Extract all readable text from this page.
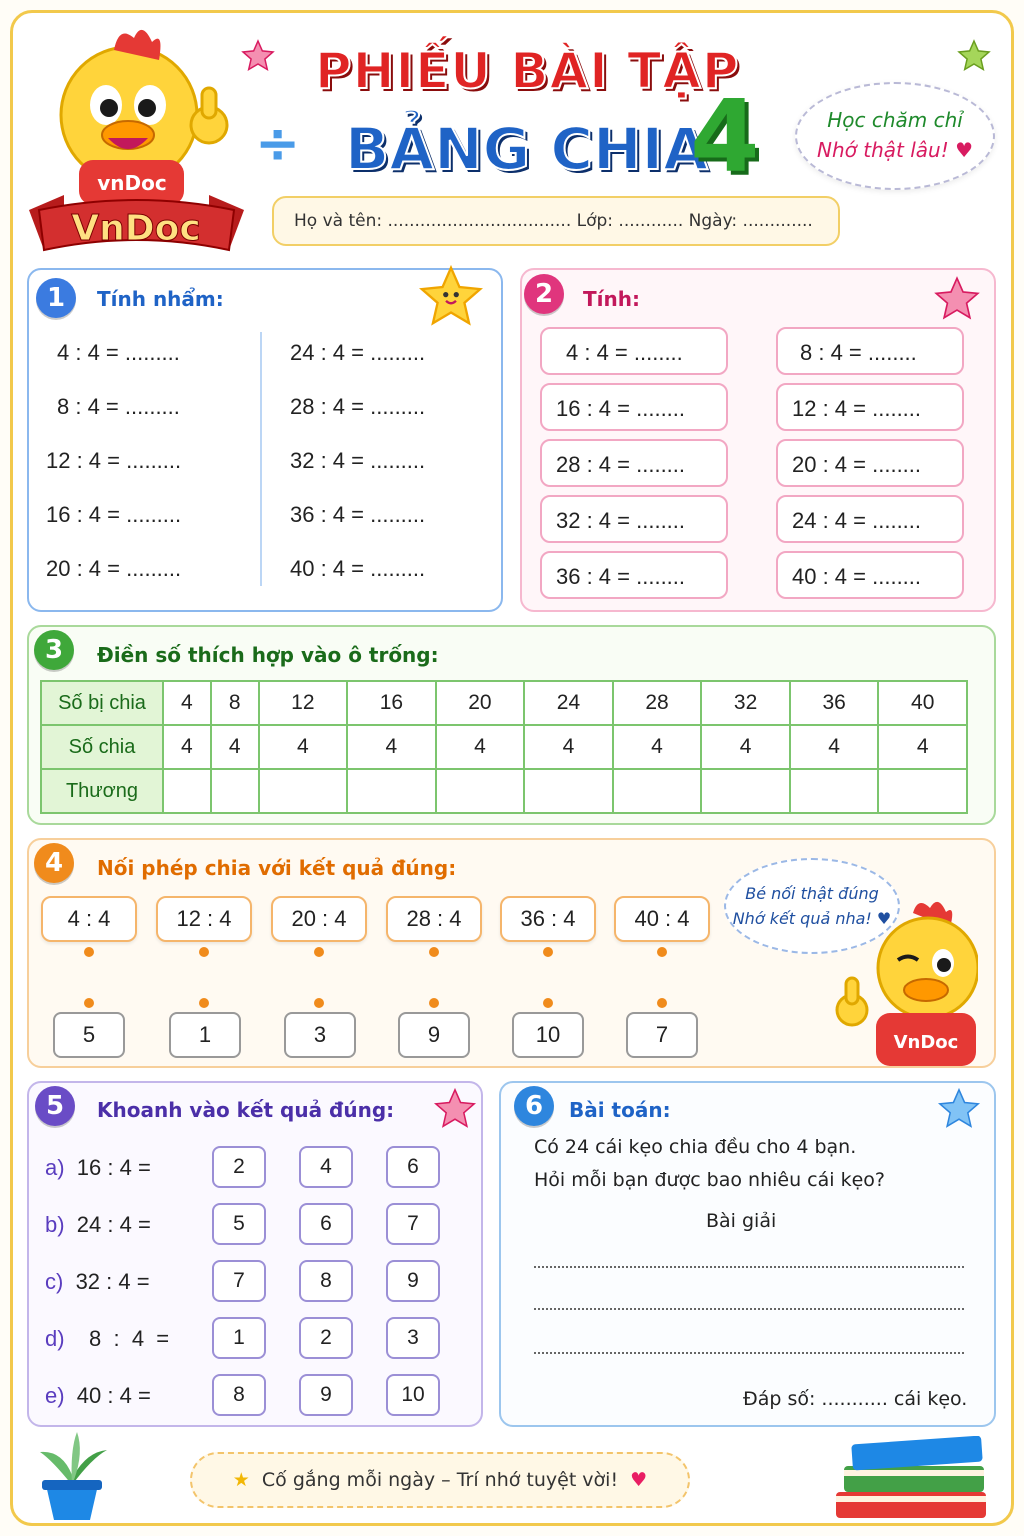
vnDoc
VnDoc
÷
PHIẾU BÀI TẬP
BẢNG CHIA
4	Học chăm chỉ
Nhớ thật lâu! ♥
Họ và tên: .................................. Lớp: ............ Ngày: .............
1	Tính nhẩm:
4 : 4 = .........
8 : 4 = .........
12 : 4 = .........
16 : 4 = .........
20 : 4 = .........
24 : 4 = .........
28 : 4 = .........
32 : 4 = .........
36 : 4 = .........
40 : 4 = .........
2	Tính:
4 : 4 = ........
16 : 4 = ........
28 : 4 = ........
32 : 4 = ........
36 : 4 = ........
8 : 4 = ........
12 : 4 = ........
20 : 4 = ........
24 : 4 = ........
40 : 4 = ........
3	Điền số thích hợp vào ô trống:
Số bị chia	4	8	12	16	20	24	28	32	36	40
Số chia	4	4	4	4	4	4	4	4	4	4
Thương										
4	Nối phép chia với kết quả đúng:
4 : 4	12 : 4	20 : 4	28 : 4	36 : 4	40 : 4
5	1	3	9	10	7
Bé nối thật đúng
Nhớ kết quả nha! ♥
VnDoc
5	Khoanh vào kết quả đúng:
a) 16 : 4 =	2	4	6
b) 24 : 4 =	5	6	7
c) 32 : 4 =	7	8	9
d)    8  :  4  =	1	2	3
e) 40 : 4 =	8	9	10
6	Bài toán:
Có 24 cái kẹo chia đều cho 4 bạn.
Hỏi mỗi bạn được bao nhiêu cái kẹo?
Bài giải
Đáp số: ........... cái kẹo.
★ Cố gắng mỗi ngày – Trí nhớ tuyệt vời! ♥
